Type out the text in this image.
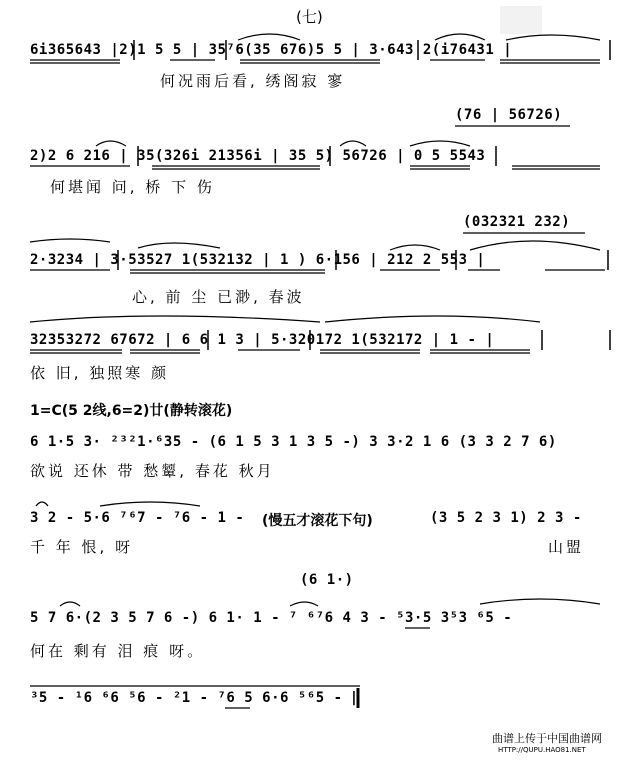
(七)
6i365643 |2)1 5 5 | 35⁷6(35 676)5 5 | 3·643 2(i76431 |
何况雨后看, 绣阁寂 寥
(76 | 56726)
2)2 6 216 | 35(326i 21356i | 35 5) 56726 | 0 5 5543
何堪闻 问, 桥 下 伤
(032321 232)
2·3234 | 3·53527 1(532132 | 1 ) 6·156 | 212 2 553 |
心, 前 尘 已渺, 春波
32353272 67672 | 6 6 1 3 | 5·320172 1(532172 | 1 - |
依 旧, 独照寒 颜
1=C(5 2线,6=2)廿(静转滚花)
6 1·5 3· ²³²1·⁶35 - (6 1 5 3 1 3 5 -) 3 3·2 1 6 (3 3 2 7 6)
欲说 还休 带 愁颦, 春花 秋月
3 2 - 5·6 ⁷⁶7 - ⁷6 - 1 - (慢五才滚花下句)	(3 5 2 3 1) 2 3 -
千 年 恨, 呀	山盟
(6 1·)
5 7 6·(2 3 5 7 6 -) 6 1· 1 - ⁷ ⁶⁷6 4 3 - ⁵3·5 3⁵3 ⁶5 -
何在 剩有 泪 痕 呀。
³5 - ¹6 ⁶6 ⁵6 - ²1 - ⁷6 5 6·6 ⁵⁶5 - ‖
曲谱上传于中国曲谱网
HTTP://QUPU.HAO81.NET
